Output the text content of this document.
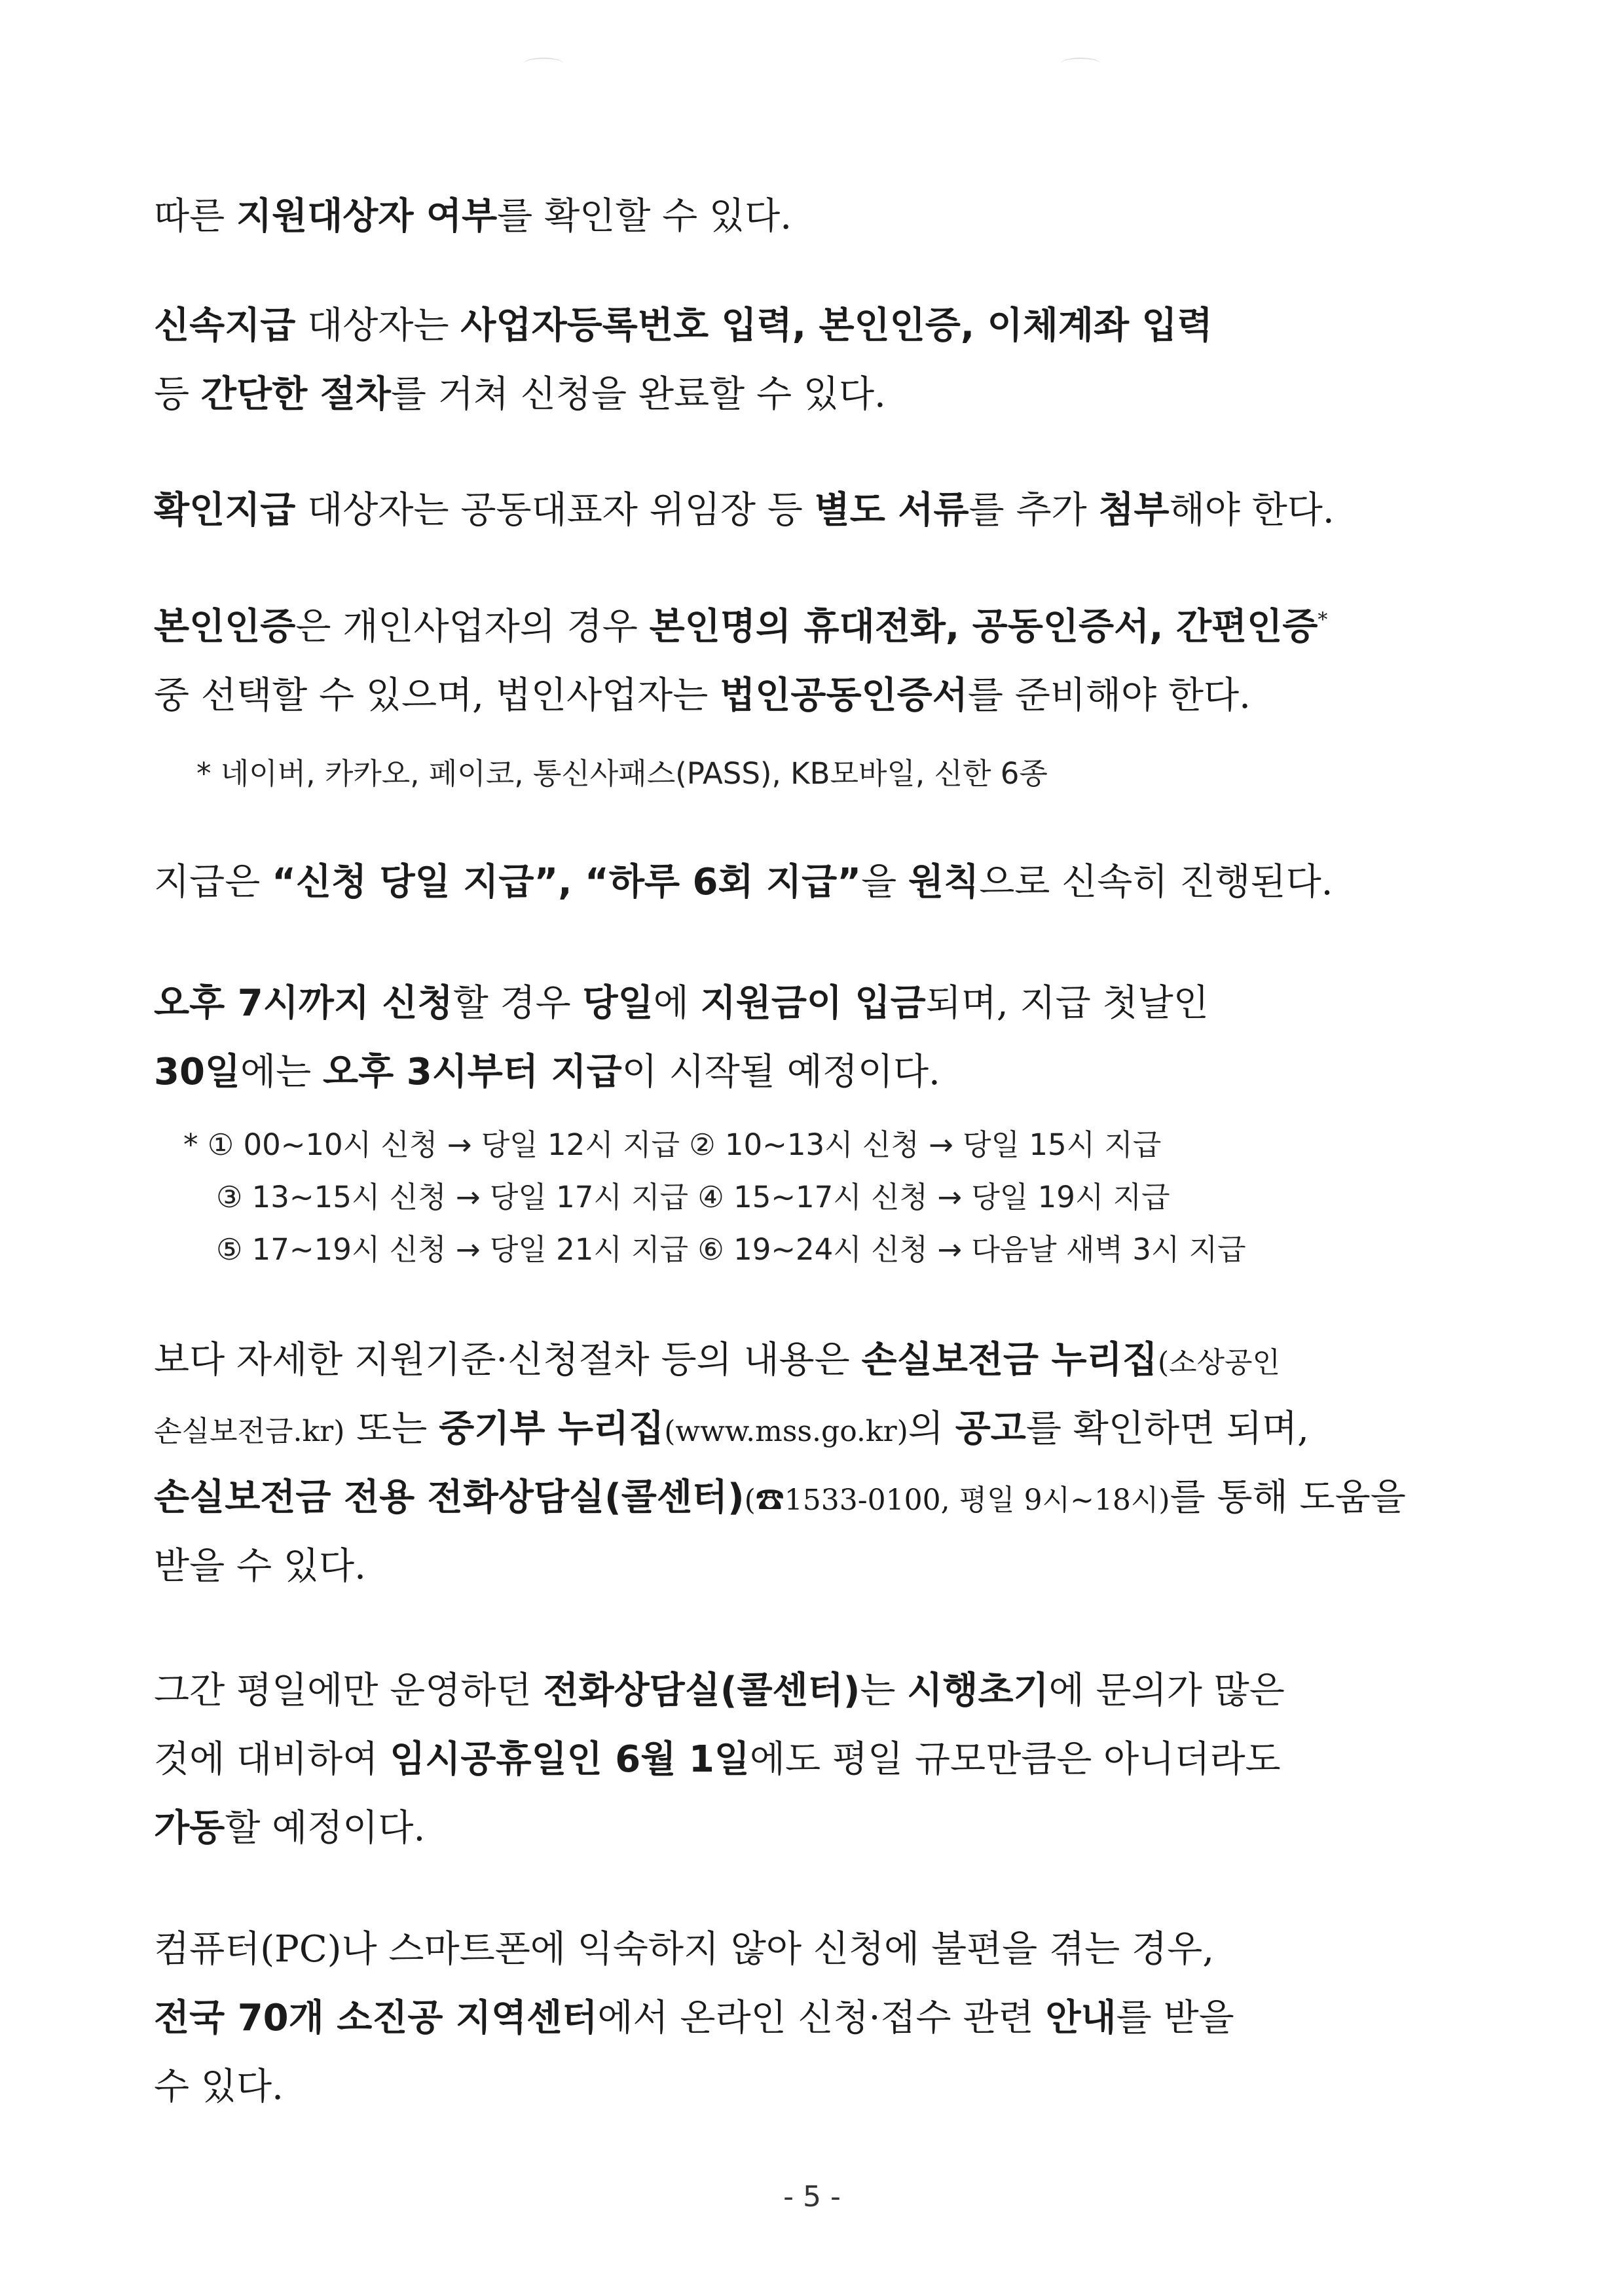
따른 지원대상자 여부를 확인할 수 있다.

신속지급 대상자는 사업자등록번호 입력, 본인인증, 이체계좌 입력

등 간단한 절차를 거쳐 신청을 완료할 수 있다.

확인지급 대상자는 공동대표자 위임장 등 별도 서류를 추가 첨부해야 한다.

본인인증은 개인사업자의 경우 본인명의 휴대전화, 공동인증서, 간편인증*

중 선택할 수 있으며, 법인사업자는 법인공동인증서를 준비해야 한다.

* 네이버, 카카오, 페이코, 통신사패스(PASS), KB모바일, 신한 6종

지급은 “신청 당일 지급”, “하루 6회 지급”을 원칙으로 신속히 진행된다.

오후 7시까지 신청할 경우 당일에 지원금이 입금되며, 지급 첫날인

30일에는 오후 3시부터 지급이 시작될 예정이다.

* ① 00~10시 신청 → 당일 12시 지급 ② 10~13시 신청 → 당일 15시 지급

③ 13~15시 신청 → 당일 17시 지급 ④ 15~17시 신청 → 당일 19시 지급

⑤ 17~19시 신청 → 당일 21시 지급 ⑥ 19~24시 신청 → 다음날 새벽 3시 지급

보다 자세한 지원기준·신청절차 등의 내용은 손실보전금 누리집(소상공인

손실보전금.kr) 또는 중기부 누리집(www.mss.go.kr)의 공고를 확인하면 되며,

손실보전금 전용 전화상담실(콜센터)(☎1533-0100, 평일 9시~18시)를 통해 도움을

받을 수 있다.

그간 평일에만 운영하던 전화상담실(콜센터)는 시행초기에 문의가 많은

것에 대비하여 임시공휴일인 6월 1일에도 평일 규모만큼은 아니더라도

가동할 예정이다.

컴퓨터(PC)나 스마트폰에 익숙하지 않아 신청에 불편을 겪는 경우,

전국 70개 소진공 지역센터에서 온라인 신청·접수 관련 안내를 받을

수 있다.

- 5 -
